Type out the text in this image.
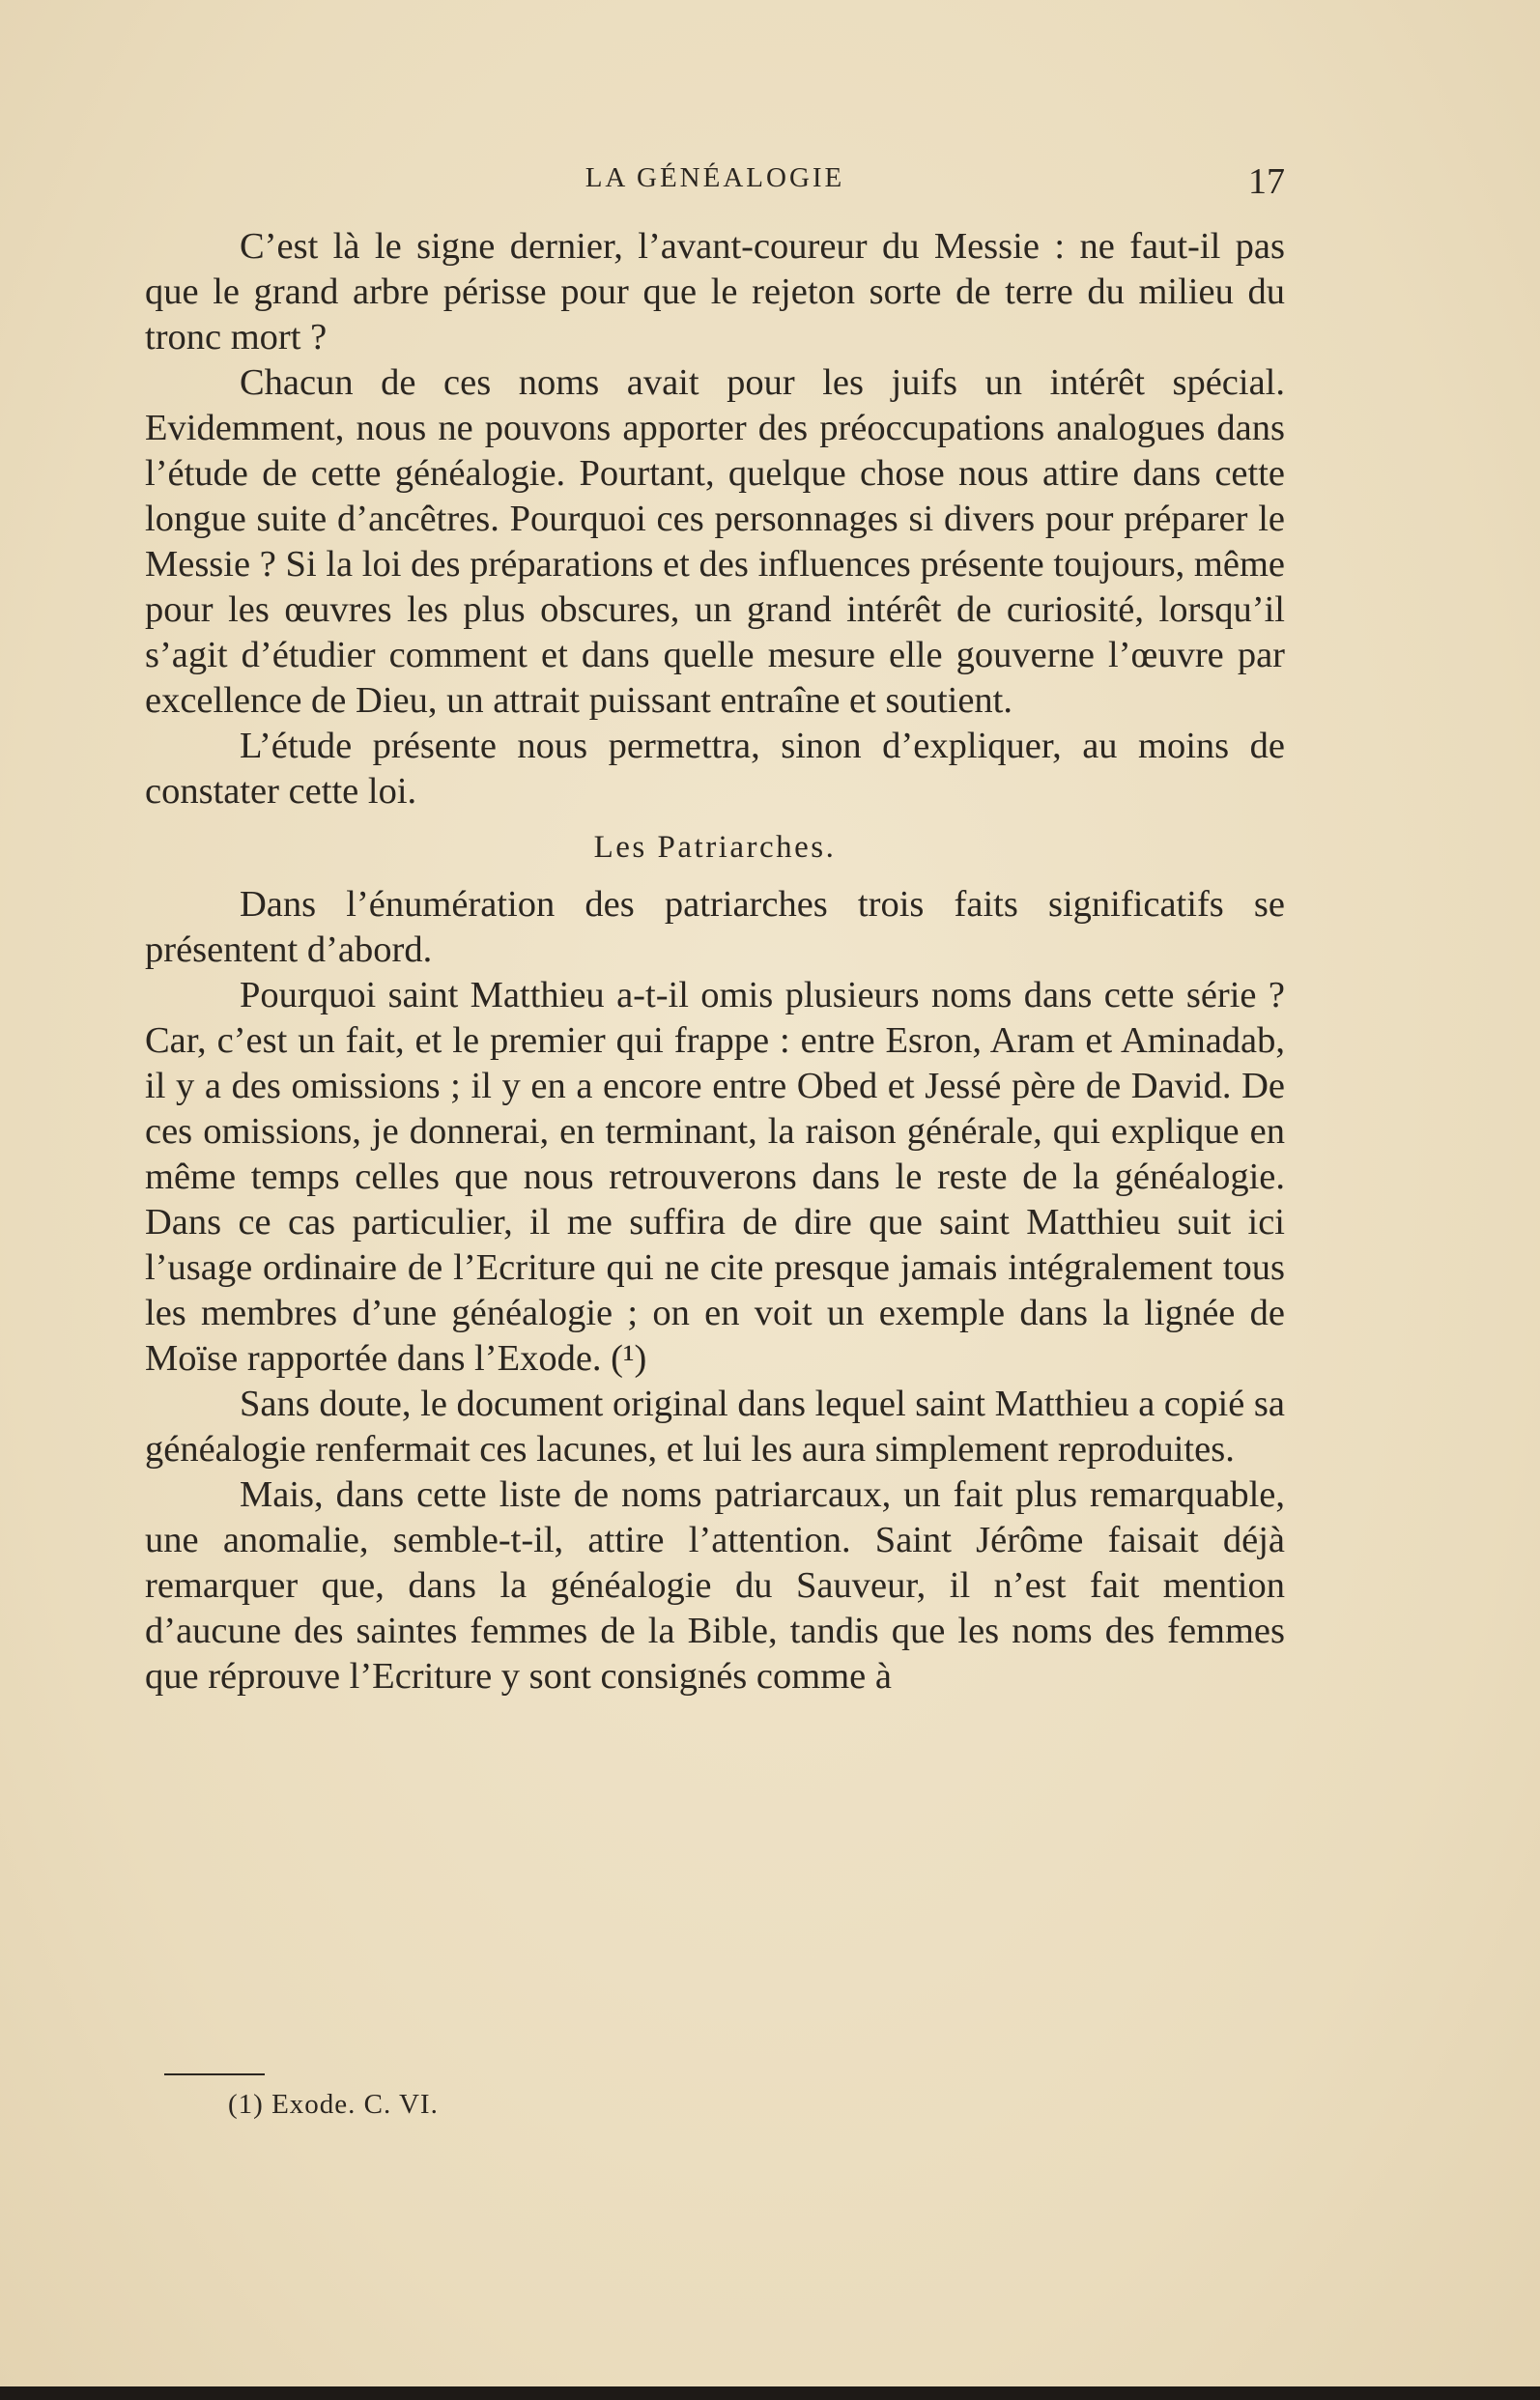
LA GÉNÉALOGIE	17

C’est là le signe dernier, l’avant-coureur du Messie : ne faut-il pas que le grand arbre périsse pour que le rejeton sorte de terre du milieu du tronc mort ?

Chacun de ces noms avait pour les juifs un intérêt spécial. Evidemment, nous ne pouvons apporter des préoccupations analogues dans l’étude de cette généalogie. Pourtant, quelque chose nous attire dans cette longue suite d’ancêtres. Pourquoi ces personnages si divers pour préparer le Messie ? Si la loi des préparations et des influences présente toujours, même pour les œuvres les plus obscures, un grand intérêt de curiosité, lorsqu’il s’agit d’étudier comment et dans quelle mesure elle gouverne l’œuvre par excellence de Dieu, un attrait puissant entraîne et soutient.

L’étude présente nous permettra, sinon d’expliquer, au moins de constater cette loi.

Les Patriarches.

Dans l’énumération des patriarches trois faits significatifs se présentent d’abord.

Pourquoi saint Matthieu a-t-il omis plusieurs noms dans cette série ? Car, c’est un fait, et le premier qui frappe : entre Esron, Aram et Aminadab, il y a des omissions ; il y en a encore entre Obed et Jessé père de David. De ces omissions, je donnerai, en terminant, la raison générale, qui explique en même temps celles que nous retrouverons dans le reste de la généalogie. Dans ce cas particulier, il me suffira de dire que saint Matthieu suit ici l’usage ordinaire de l’Ecriture qui ne cite presque jamais intégralement tous les membres d’une généalogie ; on en voit un exemple dans la lignée de Moïse rapportée dans l’Exode. (¹)

Sans doute, le document original dans lequel saint Matthieu a copié sa généalogie renfermait ces lacunes, et lui les aura simplement reproduites.

Mais, dans cette liste de noms patriarcaux, un fait plus remarquable, une anomalie, semble-t-il, attire l’attention. Saint Jérôme faisait déjà remarquer que, dans la généalogie du Sauveur, il n’est fait mention d’aucune des saintes femmes de la Bible, tandis que les noms des femmes que réprouve l’Ecriture y sont consignés comme à

(1) Exode. C. VI.
